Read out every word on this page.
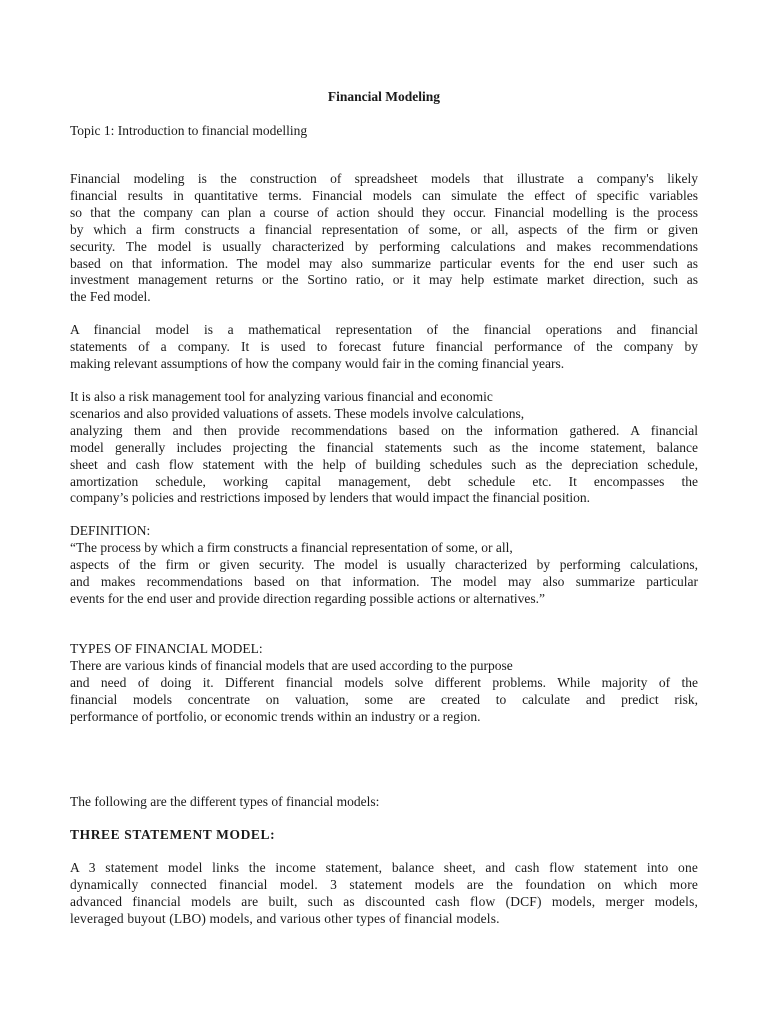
Financial Modeling
Topic 1: Introduction to financial modelling
Financial modeling is the construction of spreadsheet models that illustrate a company's likely
financial results in quantitative terms. Financial models can simulate the effect of specific variables
so that the company can plan a course of action should they occur. Financial modelling is the process
by which a firm constructs a financial representation of some, or all, aspects of the firm or given
security. The model is usually characterized by performing calculations and makes recommendations
based on that information. The model may also summarize particular events for the end user such as
investment management returns or the Sortino ratio, or it may help estimate market direction, such as
the Fed model.
A financial model is a mathematical representation of the financial operations and financial
statements of a company. It is used to forecast future financial performance of the company by
making relevant assumptions of how the company would fair in the coming financial years.
It is also a risk management tool for analyzing various financial and economic
scenarios and also provided valuations of assets. These models involve calculations,
analyzing them and then provide recommendations based on the information gathered. A financial
model generally includes projecting the financial statements such as the income statement, balance
sheet and cash flow statement with the help of building schedules such as the depreciation schedule,
amortization schedule, working capital management, debt schedule etc. It encompasses the
company’s policies and restrictions imposed by lenders that would impact the financial position.
DEFINITION:
“The process by which a firm constructs a financial representation of some, or all,
aspects of the firm or given security. The model is usually characterized by performing calculations,
and makes recommendations based on that information. The model may also summarize particular
events for the end user and provide direction regarding possible actions or alternatives.”
TYPES OF FINANCIAL MODEL:
There are various kinds of financial models that are used according to the purpose
and need of doing it. Different financial models solve different problems. While majority of the
financial models concentrate on valuation, some are created to calculate and predict risk,
performance of portfolio, or economic trends within an industry or a region.
The following are the different types of financial models:
THREE STATEMENT MODEL:
A 3 statement model links the income statement, balance sheet, and cash flow statement into one
dynamically connected financial model. 3 statement models are the foundation on which more
advanced financial models are built, such as discounted cash flow (DCF) models, merger models,
leveraged buyout (LBO) models, and various other types of financial models.
